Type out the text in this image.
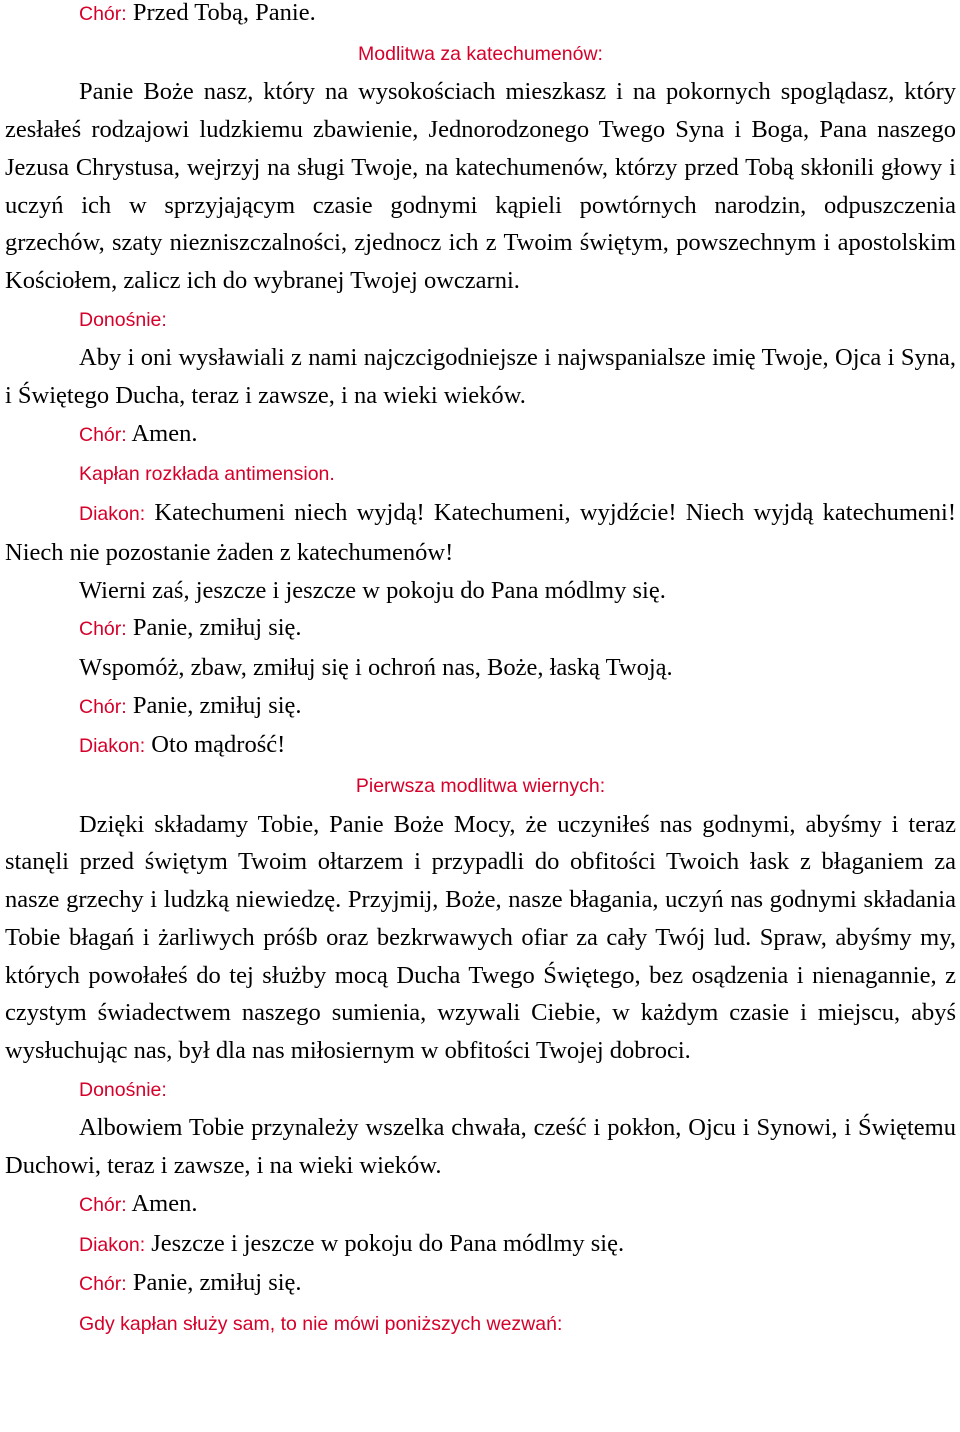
Chór: Przed Tobą, Panie.

Modlitwa za katechumenów:

Panie Boże nasz, który na wysokościach mieszkasz i na pokornych spoglądasz, który zesłałeś rodzajowi ludzkiemu zbawienie, Jednorodzonego Twego Syna i Boga, Pana naszego Jezusa Chrystusa, wejrzyj na sługi Twoje, na katechumenów, którzy przed Tobą skłonili głowy i uczyń ich w sprzyjającym czasie godnymi kąpieli powtórnych narodzin, odpuszczenia grzechów, szaty niezniszczalności, zjednocz ich z Twoim świętym, powszechnym i apostolskim Kościołem, zalicz ich do wybranej Twojej owczarni.

Donośnie:

Aby i oni wysławiali z nami najczcigodniejsze i najwspanialsze imię Twoje, Ojca i Syna, i Świętego Ducha, teraz i zawsze, i na wieki wieków.

Chór: Amen.

Kapłan rozkłada antimension.

Diakon: Katechumeni niech wyjdą! Katechumeni, wyjdźcie! Niech wyjdą katechumeni! Niech nie pozostanie żaden z katechumenów!

Wierni zaś, jeszcze i jeszcze w pokoju do Pana módlmy się.

Chór: Panie, zmiłuj się.

Wspomóż, zbaw, zmiłuj się i ochroń nas, Boże, łaską Twoją.

Chór: Panie, zmiłuj się.

Diakon: Oto mądrość!

Pierwsza modlitwa wiernych:

Dzięki składamy Tobie, Panie Boże Mocy, że uczyniłeś nas godnymi, abyśmy i teraz stanęli przed świętym Twoim ołtarzem i przypadli do obfitości Twoich łask z błaganiem za nasze grzechy i ludzką niewiedzę. Przyjmij, Boże, nasze błagania, uczyń nas godnymi składania Tobie błagań i żarliwych próśb oraz bezkrwawych ofiar za cały Twój lud. Spraw, abyśmy my, których powołałeś do tej służby mocą Ducha Twego Świętego, bez osądzenia i nienagannie, z czystym świadectwem naszego sumienia, wzywali Ciebie, w każdym czasie i miejscu, abyś wysłuchując nas, był dla nas miłosiernym w obfitości Twojej dobroci.

Donośnie:

Albowiem Tobie przynależy wszelka chwała, cześć i pokłon, Ojcu i Synowi, i Świętemu Duchowi, teraz i zawsze, i na wieki wieków.

Chór: Amen.

Diakon: Jeszcze i jeszcze w pokoju do Pana módlmy się.

Chór: Panie, zmiłuj się.

Gdy kapłan służy sam, to nie mówi poniższych wezwań:
